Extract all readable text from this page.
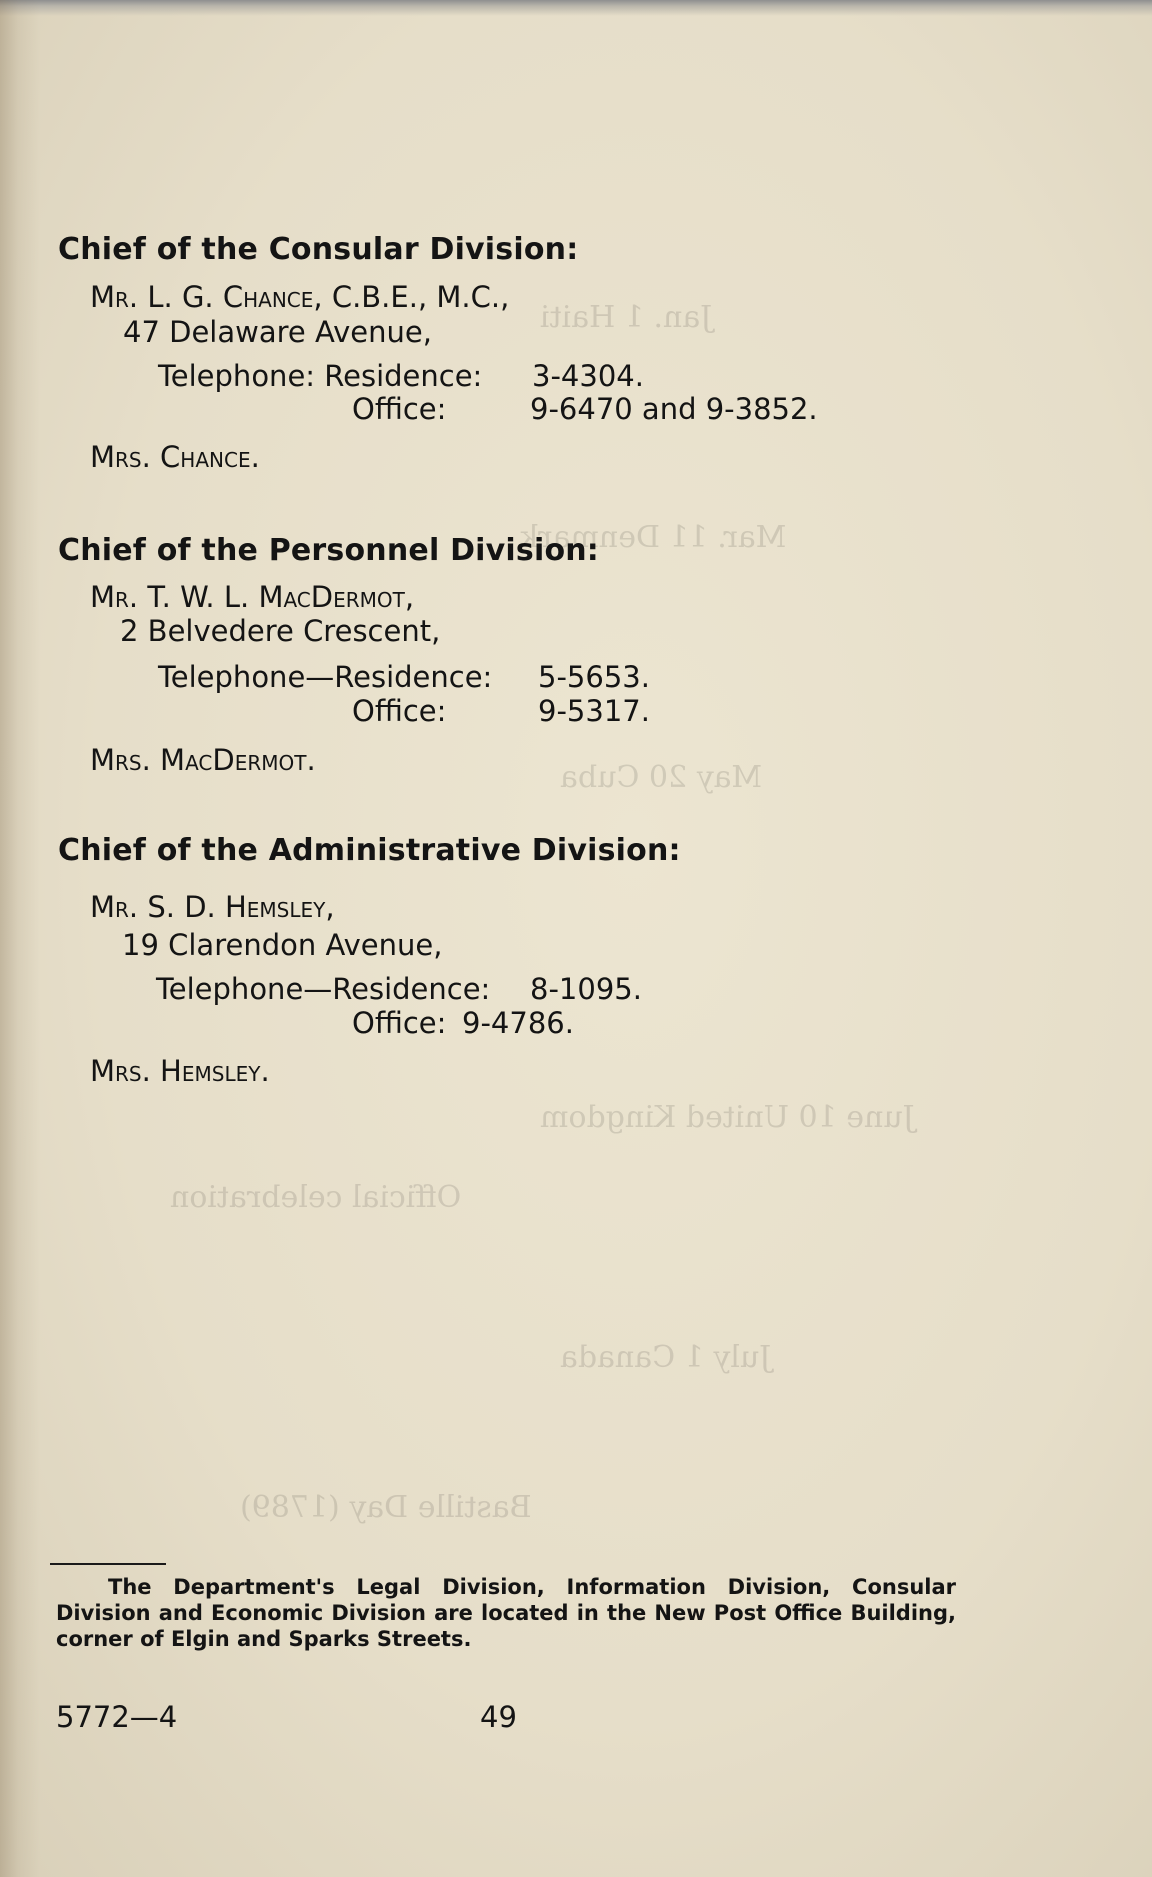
Jan. 1 Haiti
Mar. 11 Denmark
May 20 Cuba
June 10 United Kingdom
July 1 Canada
Official celebration
Bastille Day (1789)
Chief of the Consular Division:
Mr. L. G. Chance, C.B.E., M.C.,
47 Delaware Avenue,
Telephone: Residence: 3-4304.
Office:	9-6470 and 9-3852.
Mrs. Chance.
Chief of the Personnel Division:
Mr. T. W. L. MacDermot,
2 Belvedere Crescent,
Telephone—Residence: 5-5653.
Office:	9-5317.
Mrs. MacDermot.
Chief of the Administrative Division:
Mr. S. D. Hemsley,
19 Clarendon Avenue,
Telephone—Residence: 8-1095.
Office: 9-4786.
Mrs. Hemsley.
The Department's Legal Division, Information Division, Consular Division and Economic Division are located in the New Post Office Building, corner of Elgin and Sparks Streets.
5772—4	49
